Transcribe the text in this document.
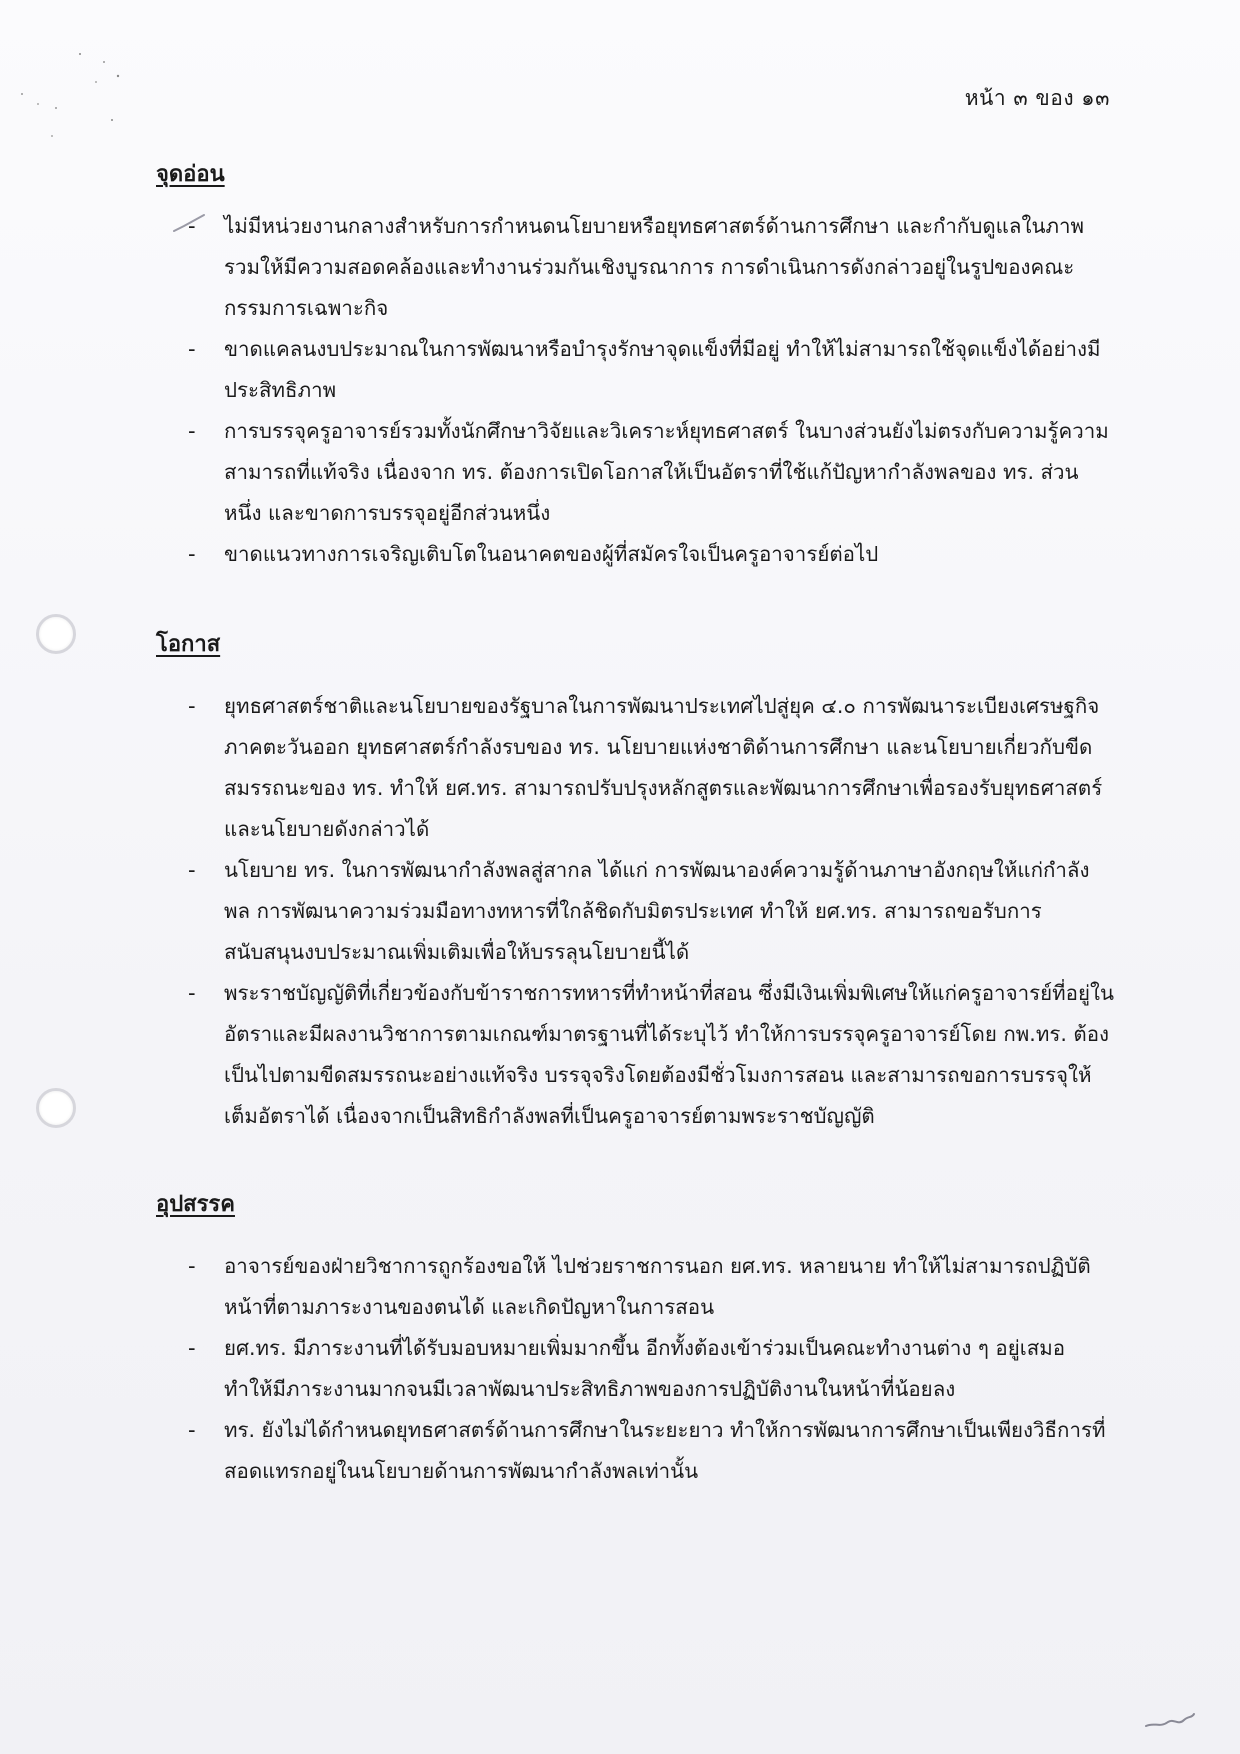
หน้า ๓ ของ ๑๓
จุดอ่อน
- ไม่มีหน่วยงานกลางสำหรับการกำหนดนโยบายหรือยุทธศาสตร์ด้านการศึกษา และกำกับดูแลในภาพรวมให้มีความสอดคล้องและทำงานร่วมกันเชิงบูรณาการ การดำเนินการดังกล่าวอยู่ในรูปของคณะกรรมการเฉพาะกิจ
- ขาดแคลนงบประมาณในการพัฒนาหรือบำรุงรักษาจุดแข็งที่มีอยู่ ทำให้ไม่สามารถใช้จุดแข็งได้อย่างมีประสิทธิภาพ
- การบรรจุครูอาจารย์รวมทั้งนักศึกษาวิจัยและวิเคราะห์ยุทธศาสตร์ ในบางส่วนยังไม่ตรงกับความรู้ความสามารถที่แท้จริง เนื่องจาก ทร. ต้องการเปิดโอกาสให้เป็นอัตราที่ใช้แก้ปัญหากำลังพลของ ทร. ส่วนหนึ่ง และขาดการบรรจุอยู่อีกส่วนหนึ่ง
- ขาดแนวทางการเจริญเติบโตในอนาคตของผู้ที่สมัครใจเป็นครูอาจารย์ต่อไป
โอกาส
- ยุทธศาสตร์ชาติและนโยบายของรัฐบาลในการพัฒนาประเทศไปสู่ยุค ๔.๐ การพัฒนาระเบียงเศรษฐกิจภาคตะวันออก ยุทธศาสตร์กำลังรบของ ทร. นโยบายแห่งชาติด้านการศึกษา และนโยบายเกี่ยวกับขีดสมรรถนะของ ทร. ทำให้ ยศ.ทร. สามารถปรับปรุงหลักสูตรและพัฒนาการศึกษาเพื่อรองรับยุทธศาสตร์และนโยบายดังกล่าวได้
- นโยบาย ทร. ในการพัฒนากำลังพลสู่สากล ได้แก่ การพัฒนาองค์ความรู้ด้านภาษาอังกฤษให้แก่กำลังพล การพัฒนาความร่วมมือทางทหารที่ใกล้ชิดกับมิตรประเทศ ทำให้ ยศ.ทร. สามารถขอรับการสนับสนุนงบประมาณเพิ่มเติมเพื่อให้บรรลุนโยบายนี้ได้
- พระราชบัญญัติที่เกี่ยวข้องกับข้าราชการทหารที่ทำหน้าที่สอน ซึ่งมีเงินเพิ่มพิเศษให้แก่ครูอาจารย์ที่อยู่ในอัตราและมีผลงานวิชาการตามเกณฑ์มาตรฐานที่ได้ระบุไว้ ทำให้การบรรจุครูอาจารย์โดย กพ.ทร. ต้องเป็นไปตามขีดสมรรถนะอย่างแท้จริง บรรจุจริงโดยต้องมีชั่วโมงการสอน และสามารถขอการบรรจุให้เต็มอัตราได้ เนื่องจากเป็นสิทธิกำลังพลที่เป็นครูอาจารย์ตามพระราชบัญญัติ
อุปสรรค
- อาจารย์ของฝ่ายวิชาการถูกร้องขอให้ ไปช่วยราชการนอก ยศ.ทร. หลายนาย ทำให้ไม่สามารถปฏิบัติหน้าที่ตามภาระงานของตนได้ และเกิดปัญหาในการสอน
- ยศ.ทร. มีภาระงานที่ได้รับมอบหมายเพิ่มมากขึ้น อีกทั้งต้องเข้าร่วมเป็นคณะทำงานต่าง ๆ อยู่เสมอ ทำให้มีภาระงานมากจนมีเวลาพัฒนาประสิทธิภาพของการปฏิบัติงานในหน้าที่น้อยลง
- ทร. ยังไม่ได้กำหนดยุทธศาสตร์ด้านการศึกษาในระยะยาว ทำให้การพัฒนาการศึกษาเป็นเพียงวิธีการที่สอดแทรกอยู่ในนโยบายด้านการพัฒนากำลังพลเท่านั้น
